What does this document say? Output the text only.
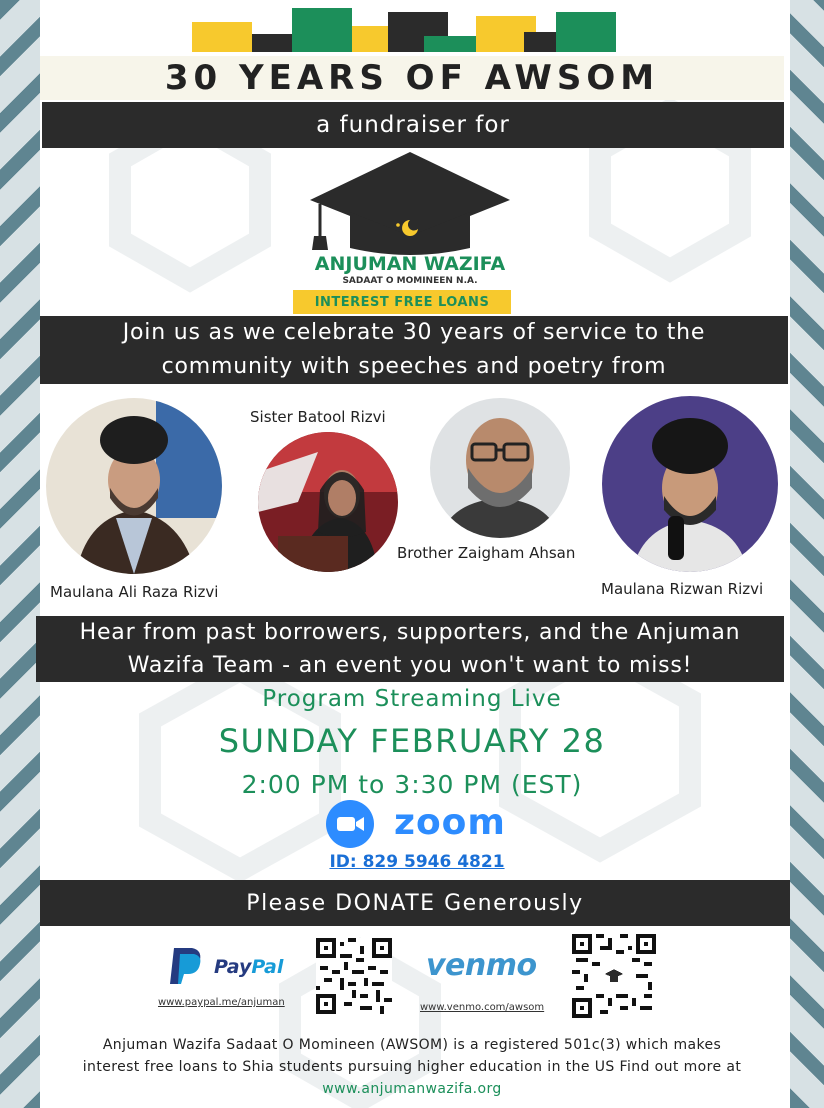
30 YEARS OF AWSOM
a fundraiser for
ANJUMAN WAZIFA
SADAAT O MOMINEEN N.A.
INTEREST FREE LOANS
Join us as we celebrate 30 years of service to the
community with speeches and poetry from
Maulana Ali Raza Rizvi
Sister Batool Rizvi
Brother Zaigham Ahsan
Maulana Rizwan Rizvi
Hear from past borrowers, supporters, and the Anjuman
Wazifa Team - an event you won't want to miss!
Program Streaming Live
SUNDAY FEBRUARY 28
2:00 PM to 3:30 PM (EST)
zoom
ID: 829 5946 4821
Please DONATE Generously
PayPal
www.paypal.me/anjuman
venmo
www.venmo.com/awsom
Anjuman Wazifa Sadaat O Momineen (AWSOM) is a registered 501c(3) which makes
interest free loans to Shia students pursuing higher education in the US Find out more at
www.anjumanwazifa.org
